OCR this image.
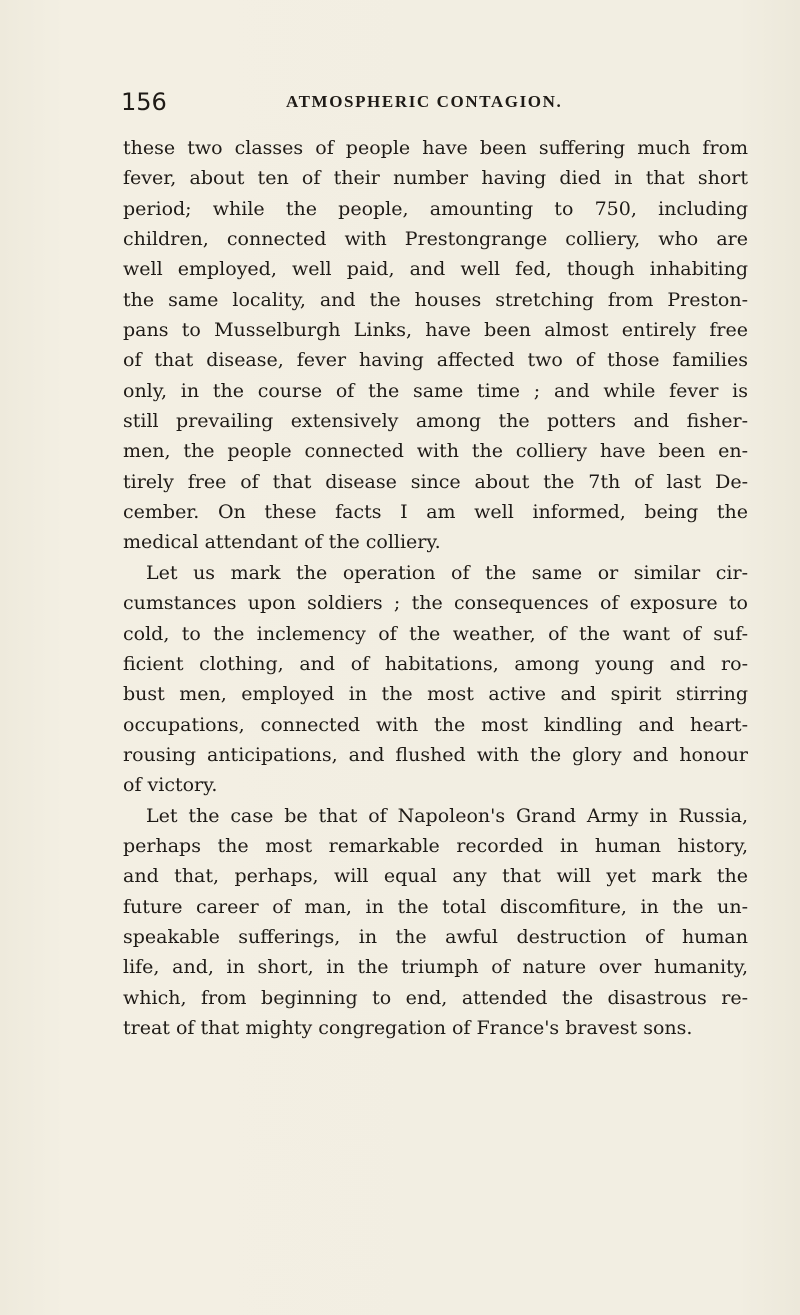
156	ATMOSPHERIC CONTAGION.

these two classes of people have been suffering much from
fever, about ten of their number having died in that short
period; while the people, amounting to 750, including
children, connected with Prestongrange colliery, who are
well employed, well paid, and well fed, though inhabiting
the same locality, and the houses stretching from Preston-
pans to Musselburgh Links, have been almost entirely free
of that disease, fever having affected two of those families
only, in the course of the same time ; and while fever is
still prevailing extensively among the potters and fisher-
men, the people connected with the colliery have been en-
tirely free of that disease since about the 7th of last De-
cember. On these facts I am well informed, being the
medical attendant of the colliery.

Let us mark the operation of the same or similar cir-
cumstances upon soldiers ; the consequences of exposure to
cold, to the inclemency of the weather, of the want of suf-
ficient clothing, and of habitations, among young and ro-
bust men, employed in the most active and spirit stirring
occupations, connected with the most kindling and heart-
rousing anticipations, and flushed with the glory and honour
of victory.

Let the case be that of Napoleon's Grand Army in Russia,
perhaps the most remarkable recorded in human history,
and that, perhaps, will equal any that will yet mark the
future career of man, in the total discomfiture, in the un-
speakable sufferings, in the awful destruction of human
life, and, in short, in the triumph of nature over humanity,
which, from beginning to end, attended the disastrous re-
treat of that mighty congregation of France's bravest sons.
